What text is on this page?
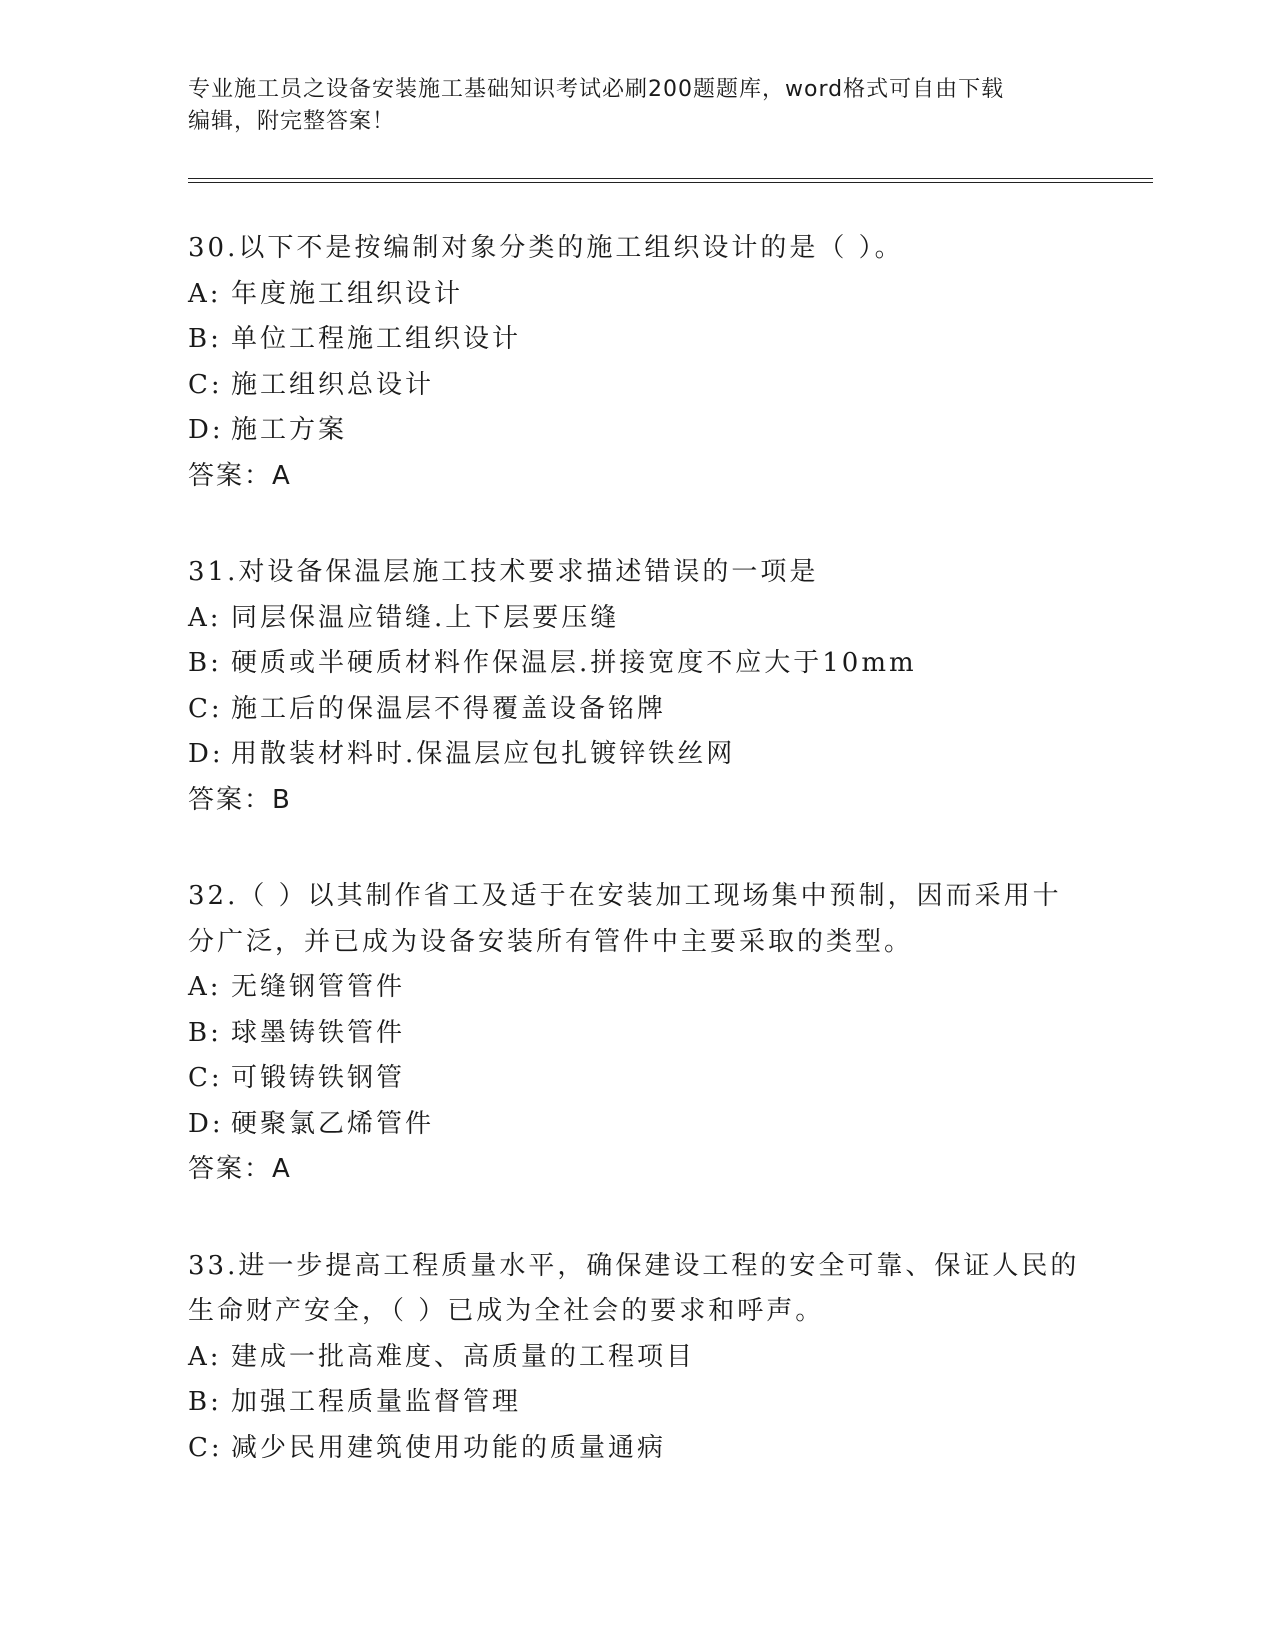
专业施工员之设备安装施工基础知识考试必刷200题题库，word格式可自由下载
编辑，附完整答案！
30.以下不是按编制对象分类的施工组织设计的是（ ）。
A: 年度施工组织设计
B: 单位工程施工组织设计
C: 施工组织总设计
D: 施工方案
答案：A
31.对设备保温层施工技术要求描述错误的一项是
A: 同层保温应错缝.上下层要压缝
B: 硬质或半硬质材料作保温层.拼接宽度不应大于10mm
C: 施工后的保温层不得覆盖设备铭牌
D: 用散装材料时.保温层应包扎镀锌铁丝网
答案：B
32.（ ）以其制作省工及适于在安装加工现场集中预制，因而采用十
分广泛，并已成为设备安装所有管件中主要采取的类型。
A: 无缝钢管管件
B: 球墨铸铁管件
C: 可锻铸铁钢管
D: 硬聚氯乙烯管件
答案：A
33.进一步提高工程质量水平，确保建设工程的安全可靠、保证人民的
生命财产安全，（ ）已成为全社会的要求和呼声。
A: 建成一批高难度、高质量的工程项目
B: 加强工程质量监督管理
C: 减少民用建筑使用功能的质量通病
